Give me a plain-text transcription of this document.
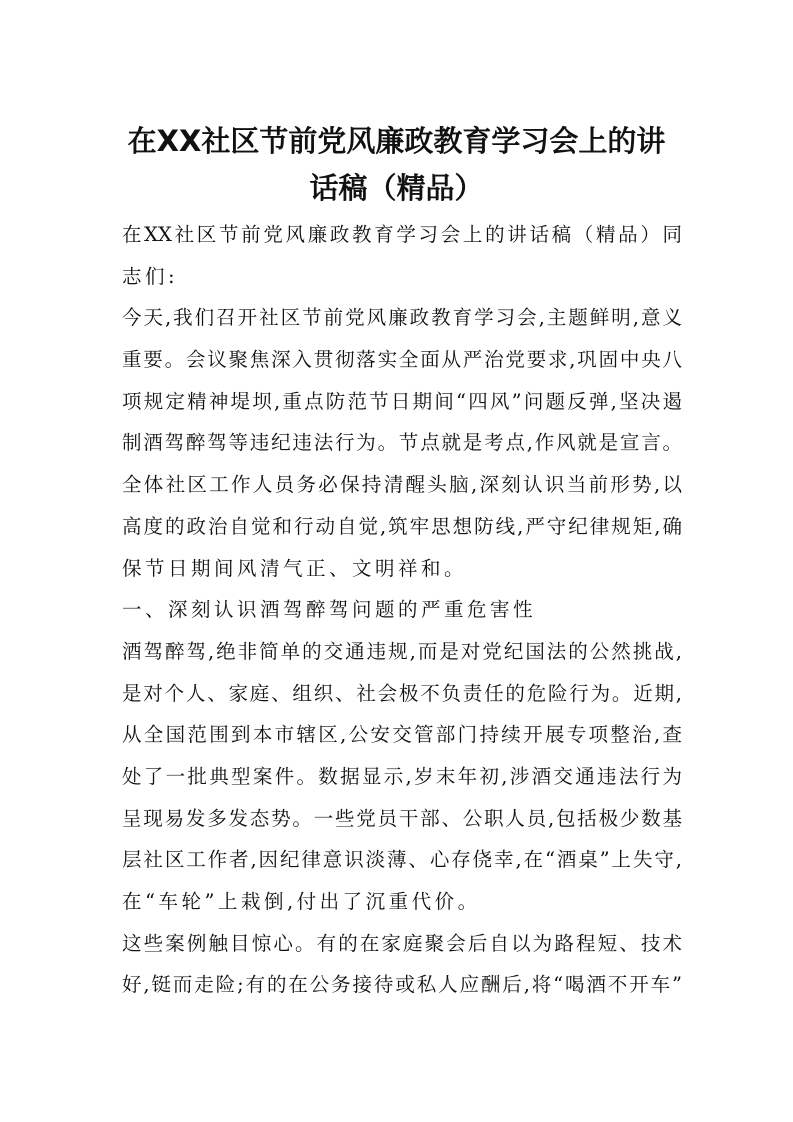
在XX社区节前党风廉政教育学习会上的讲
话稿（精品）
在XX社区节前党风廉政教育学习会上的讲话稿（精品）同
志们:
今天,我们召开社区节前党风廉政教育学习会,主题鲜明,意义
重要。会议聚焦深入贯彻落实全面从严治党要求,巩固中央八
项规定精神堤坝,重点防范节日期间“四风”问题反弹,坚决遏
制酒驾醉驾等违纪违法行为。节点就是考点,作风就是宣言。
全体社区工作人员务必保持清醒头脑,深刻认识当前形势,以
高度的政治自觉和行动自觉,筑牢思想防线,严守纪律规矩,确
保节日期间风清气正、文明祥和。
一、深刻认识酒驾醉驾问题的严重危害性
酒驾醉驾,绝非简单的交通违规,而是对党纪国法的公然挑战,
是对个人、家庭、组织、社会极不负责任的危险行为。近期,
从全国范围到本市辖区,公安交管部门持续开展专项整治,查
处了一批典型案件。数据显示,岁末年初,涉酒交通违法行为
呈现易发多发态势。一些党员干部、公职人员,包括极少数基
层社区工作者,因纪律意识淡薄、心存侥幸,在“酒桌”上失守,
在“车轮”上栽倒,付出了沉重代价。
这些案例触目惊心。有的在家庭聚会后自以为路程短、技术
好,铤而走险;有的在公务接待或私人应酬后,将“喝酒不开车”
